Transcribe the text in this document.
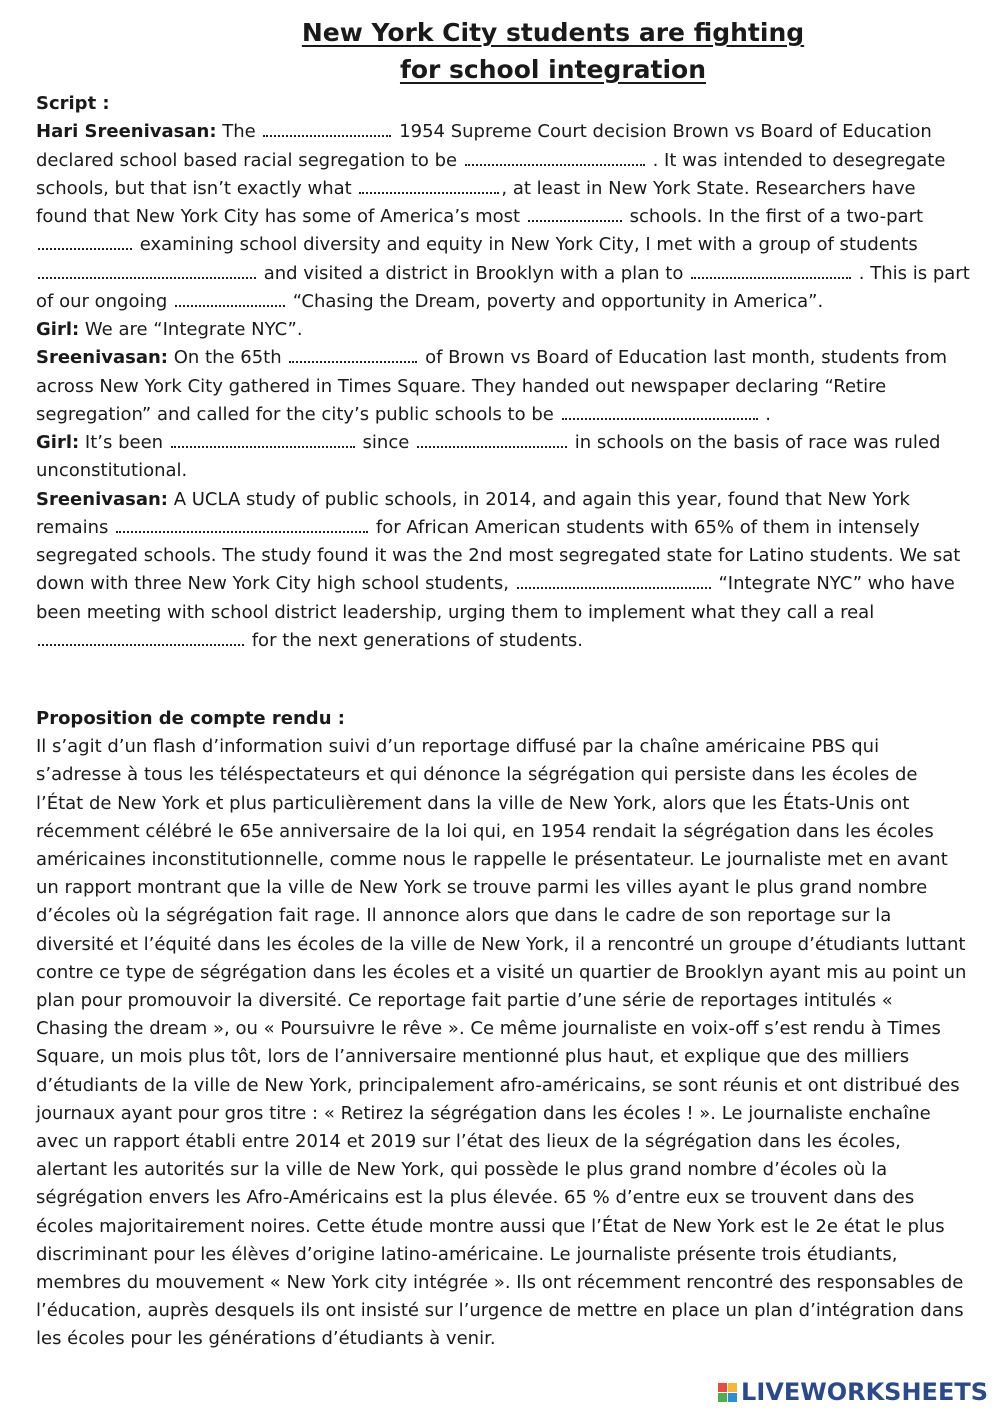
New York City students are fighting
for school integration

Script :

Hari Sreenivasan: The	1954 Supreme Court decision Brown vs Board of Education declared school based racial segregation to be	. It was intended to desegregate schools, but that isn’t exactly what	, at least in New York State. Researchers have found that New York City has some of America’s most	schools. In the first of a two-part  examining school diversity and equity in New York City, I met with a group of students  and visited a district in Brooklyn with a plan to	. This is part of our ongoing	“Chasing the Dream, poverty and opportunity in America”.

Girl: We are “Integrate NYC”.

Sreenivasan: On the 65th	of Brown vs Board of Education last month, students from across New York City gathered in Times Square. They handed out newspaper declaring “Retire segregation” and called for the city’s public schools to be	.

Girl: It’s been	since	in schools on the basis of race was ruled unconstitutional.

Sreenivasan: A UCLA study of public schools, in 2014, and again this year, found that New York remains	for African American students with 65% of them in intensely segregated schools. The study found it was the 2nd most segregated state for Latino students. We sat down with three New York City high school students,	“Integrate NYC” who have been meeting with school district leadership, urging them to implement what they call a real  for the next generations of students.

Proposition de compte rendu :

Il s’agit d’un flash d’information suivi d’un reportage diffusé par la chaîne américaine PBS qui s’adresse à tous les téléspectateurs et qui dénonce la ségrégation qui persiste dans les écoles de l’État de New York et plus particulièrement dans la ville de New York, alors que les États-Unis ont récemment célébré le 65e anniversaire de la loi qui, en 1954 rendait la ségrégation dans les écoles américaines inconstitutionnelle, comme nous le rappelle le présentateur. Le journaliste met en avant un rapport montrant que la ville de New York se trouve parmi les villes ayant le plus grand nombre d’écoles où la ségrégation fait rage. Il annonce alors que dans le cadre de son reportage sur la diversité et l’équité dans les écoles de la ville de New York, il a rencontré un groupe d’étudiants luttant contre ce type de ségrégation dans les écoles et a visité un quartier de Brooklyn ayant mis au point un plan pour promouvoir la diversité. Ce reportage fait partie d’une série de reportages intitulés « Chasing the dream », ou « Poursuivre le rêve ». Ce même journaliste en voix-off s’est rendu à Times Square, un mois plus tôt, lors de l’anniversaire mentionné plus haut, et explique que des milliers d’étudiants de la ville de New York, principalement afro-américains, se sont réunis et ont distribué des journaux ayant pour gros titre : « Retirez la ségrégation dans les écoles ! ». Le journaliste enchaîne avec un rapport établi entre 2014 et 2019 sur l’état des lieux de la ségrégation dans les écoles, alertant les autorités sur la ville de New York, qui possède le plus grand nombre d’écoles où la ségrégation envers les Afro-Américains est la plus élevée. 65 % d’entre eux se trouvent dans des écoles majoritairement noires. Cette étude montre aussi que l’État de New York est le 2e état le plus discriminant pour les élèves d’origine latino-américaine. Le journaliste présente trois étudiants, membres du mouvement « New York city intégrée ». Ils ont récemment rencontré des responsables de l’éducation, auprès desquels ils ont insisté sur l’urgence de mettre en place un plan d’intégration dans les écoles pour les générations d’étudiants à venir.

LIVEWORKSHEETS
